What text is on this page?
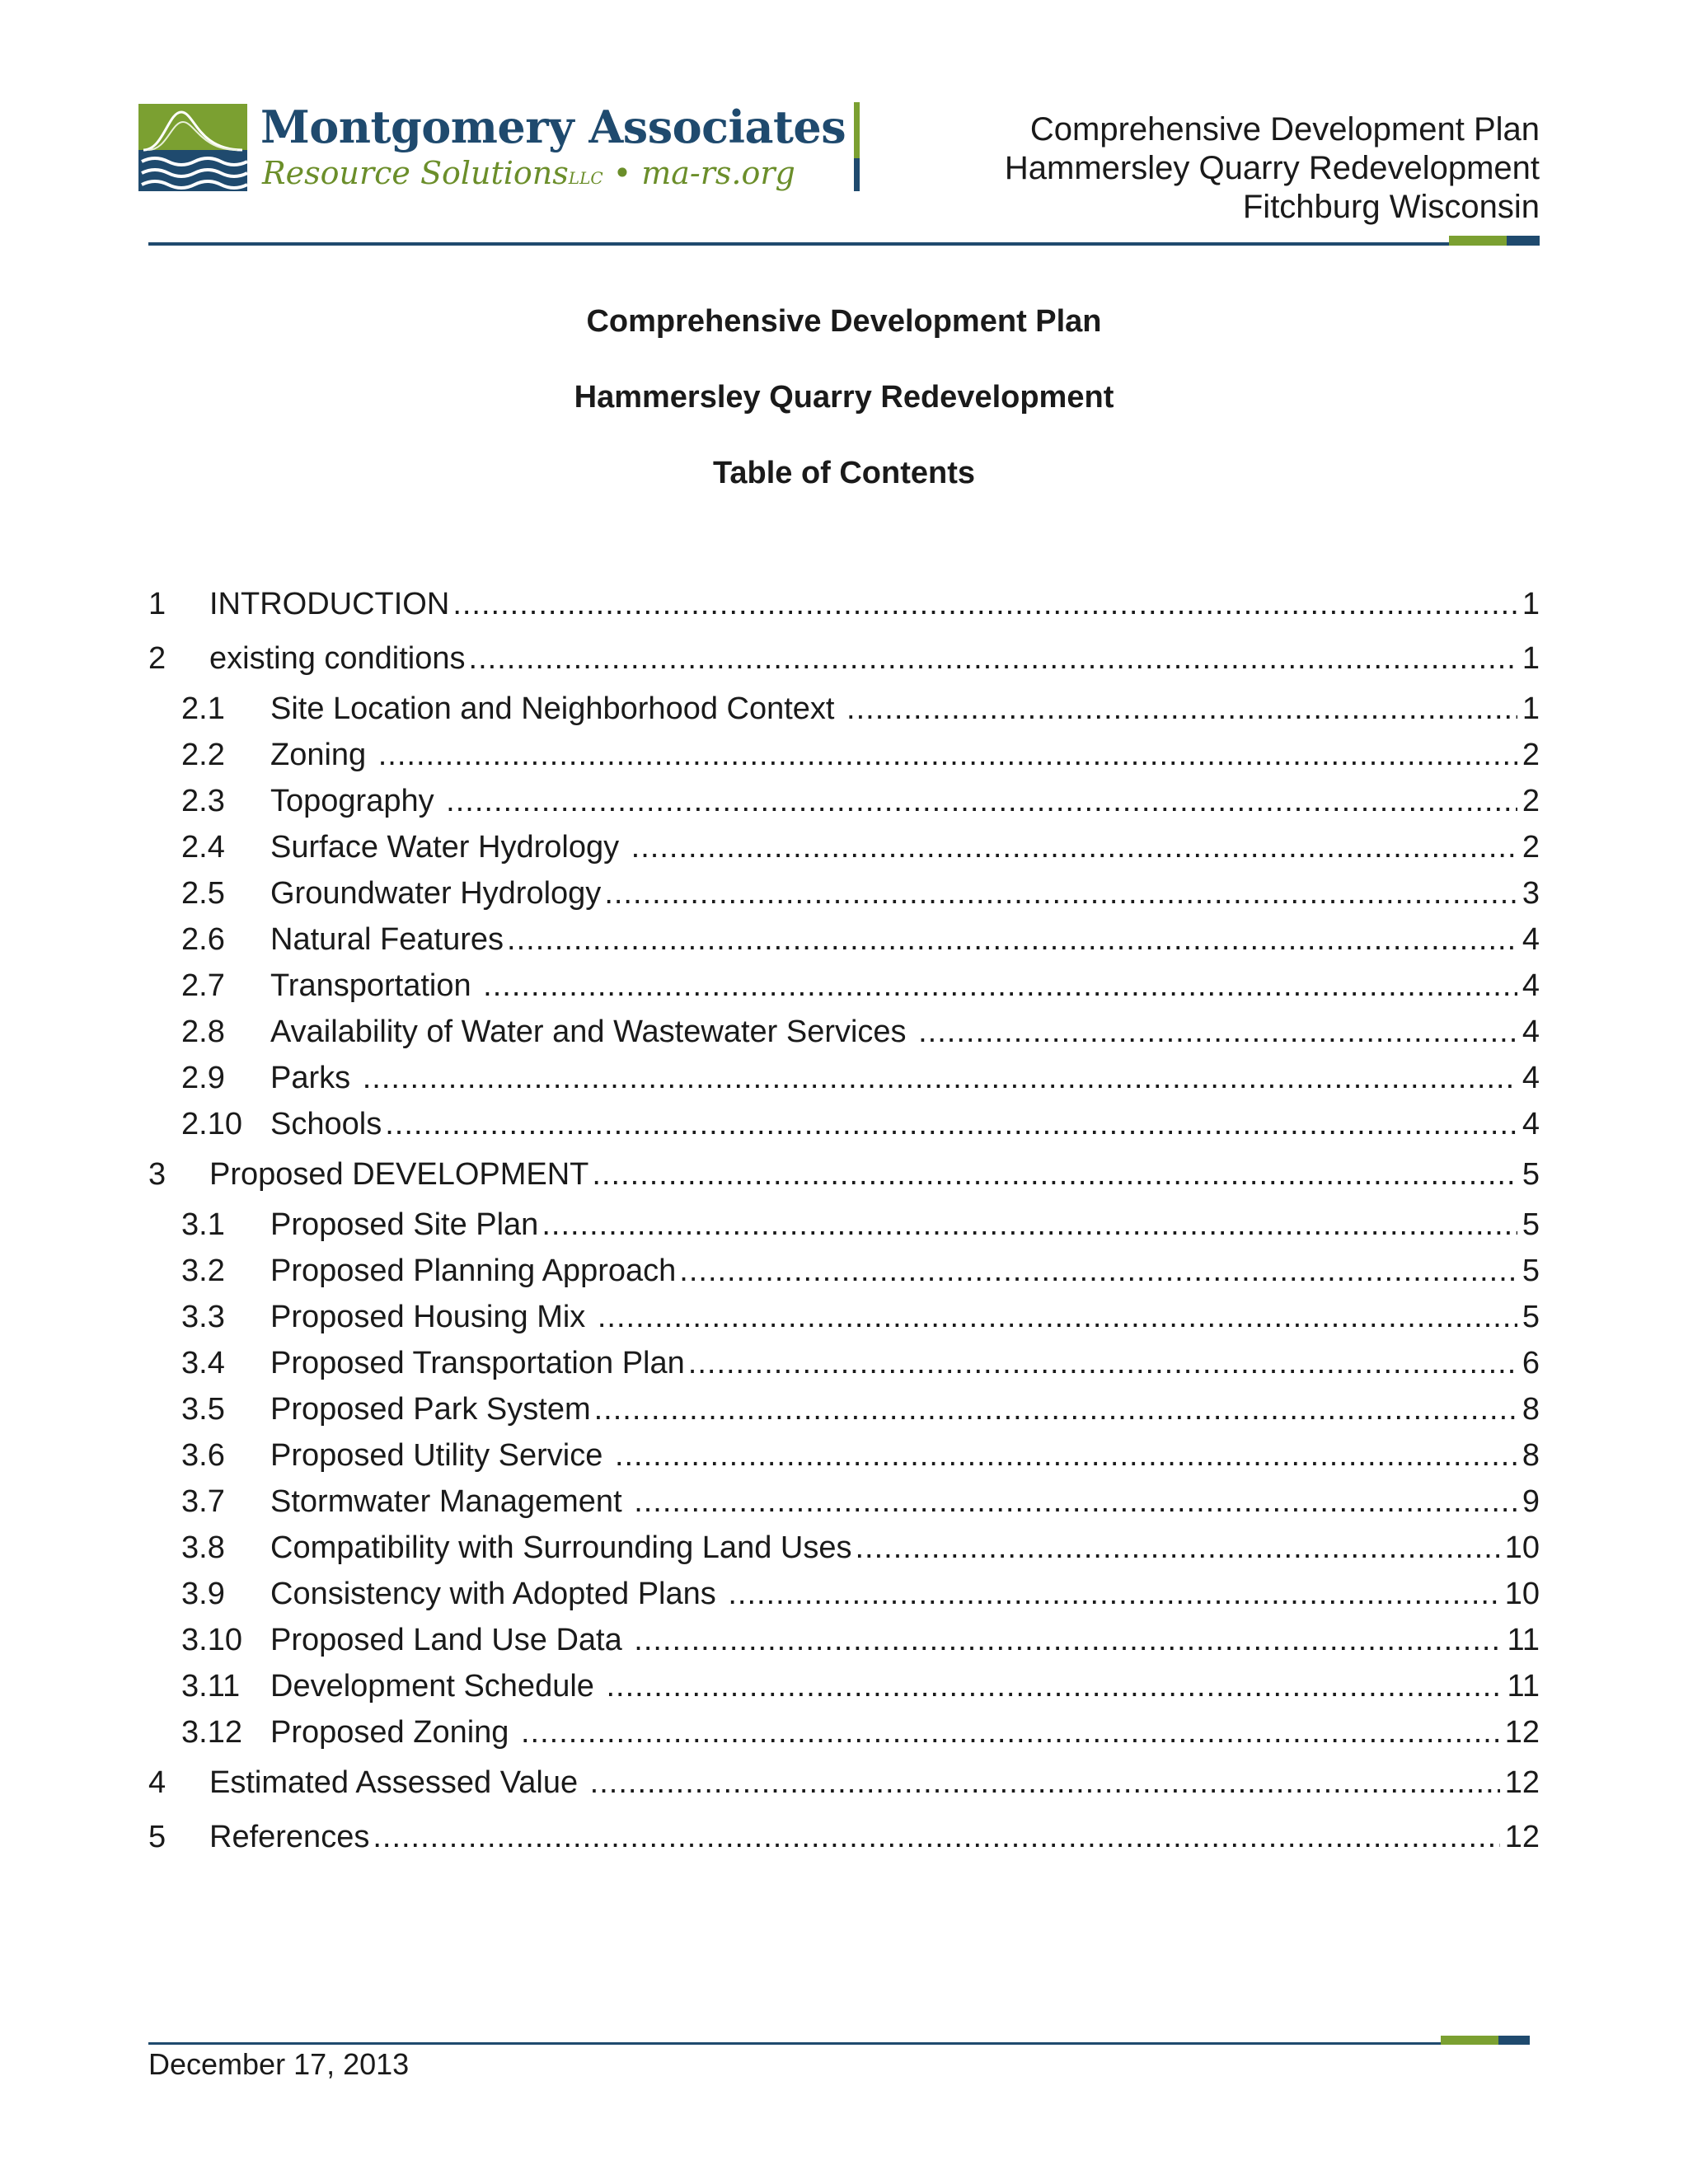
Montgomery Associates
Resource SolutionsLLC • ma-rs.org
Comprehensive Development Plan
Hammersley Quarry Redevelopment
Fitchburg Wisconsin
Comprehensive Development Plan
Hammersley Quarry Redevelopment
Table of Contents
1	INTRODUCTION .....	1
2	existing conditions .....	1
2.1	Site Location and Neighborhood Context .....	1
2.2	Zoning .....	2
2.3	Topography .....	2
2.4	Surface Water Hydrology .....	2
2.5	Groundwater Hydrology .....	3
2.6	Natural Features .....	4
2.7	Transportation .....	4
2.8	Availability of Water and Wastewater Services .....	4
2.9	Parks .....	4
2.10 Schools .....	4
3	Proposed DEVELOPMENT .....	5
3.1	Proposed Site Plan .....	5
3.2	Proposed Planning Approach .....	5
3.3	Proposed Housing Mix .....	5
3.4	Proposed Transportation Plan .....	6
3.5	Proposed Park System .....	8
3.6	Proposed Utility Service .....	8
3.7	Stormwater Management .....	9
3.8	Compatibility with Surrounding Land Uses .....	10
3.9	Consistency with Adopted Plans .....	10
3.10 Proposed Land Use Data .....	11
3.11 Development Schedule .....	11
3.12 Proposed Zoning .....	12
4	Estimated Assessed Value .....	12
5	References .....	12
December 17, 2013
